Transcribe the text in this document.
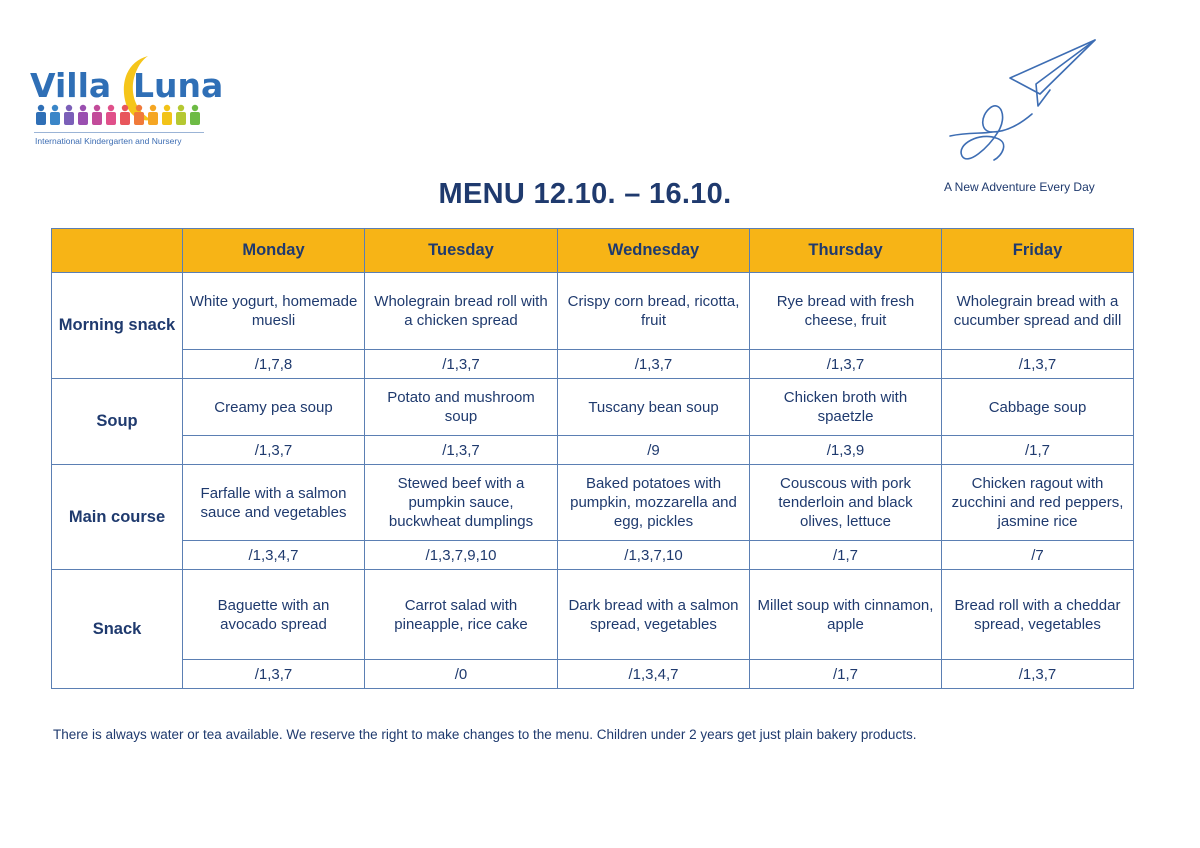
Villa Luna
International Kindergarten and Nursery
A New Adventure Every Day
MENU 12.10. – 16.10.
	Monday	Tuesday	Wednesday	Thursday	Friday
Morning snack	White yogurt, homemade muesli	Wholegrain bread roll with a chicken spread	Crispy corn bread, ricotta, fruit	Rye bread with fresh cheese, fruit	Wholegrain bread with a cucumber spread and dill
	/1,7,8	/1,3,7	/1,3,7	/1,3,7	/1,3,7
Soup	Creamy pea soup	Potato and mushroom soup	Tuscany bean soup	Chicken broth with spaetzle	Cabbage soup
	/1,3,7	/1,3,7	/9	/1,3,9	/1,7
Main course	Farfalle with a salmon sauce and vegetables	Stewed beef with a pumpkin sauce, buckwheat dumplings	Baked potatoes with pumpkin, mozzarella and egg, pickles	Couscous with pork tenderloin and black olives, lettuce	Chicken ragout with zucchini and red peppers, jasmine rice
	/1,3,4,7	/1,3,7,9,10	/1,3,7,10	/1,7	/7
Snack	Baguette with an avocado spread	Carrot salad with pineapple, rice cake	Dark bread with a salmon spread, vegetables	Millet soup with cinnamon, apple	Bread roll with a cheddar spread, vegetables
	/1,3,7	/0	/1,3,4,7	/1,7	/1,3,7

There is always water or tea available. We reserve the right to make changes to the menu. Children under 2 years get just plain bakery products.
